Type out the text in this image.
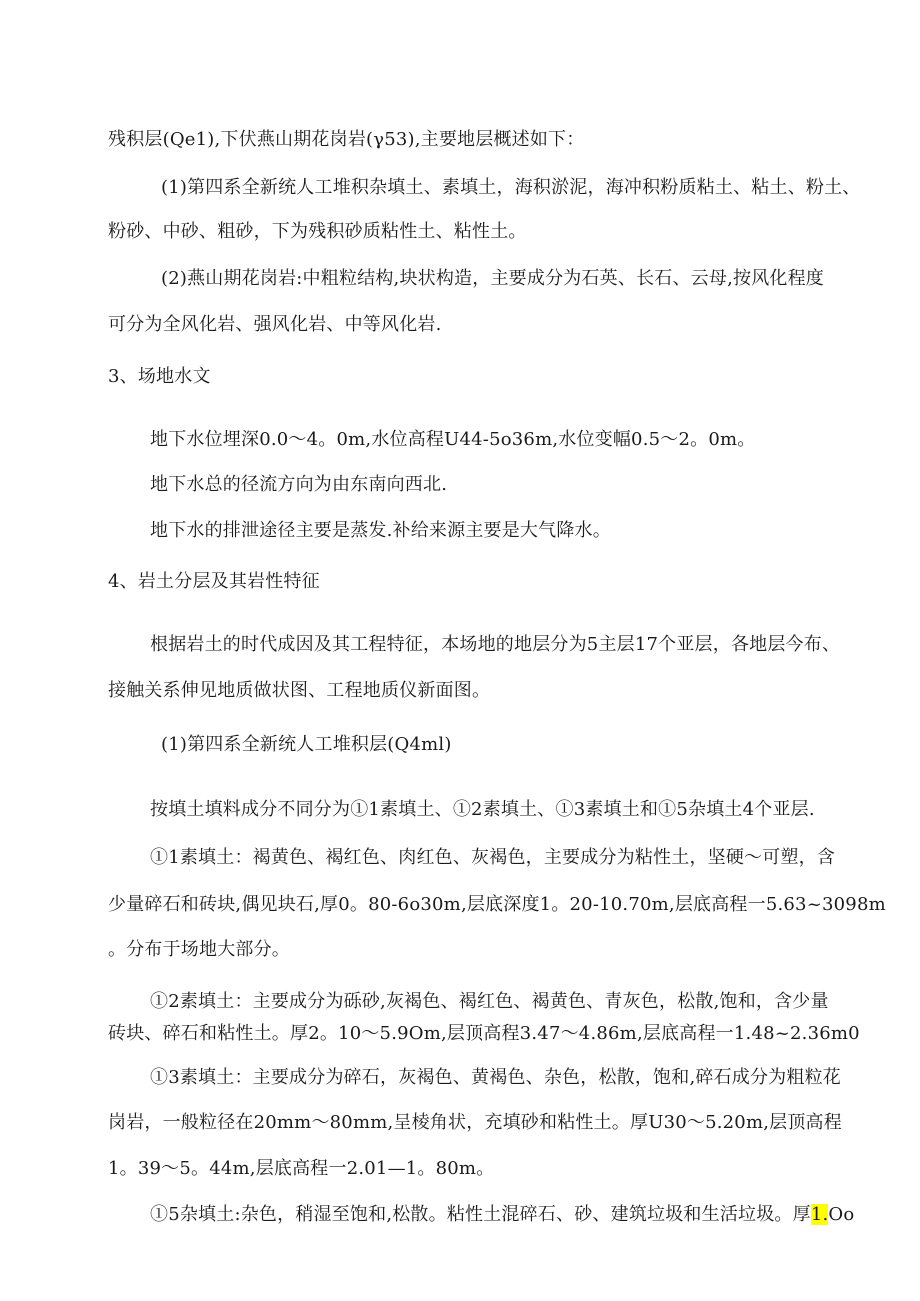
残积层(Qe1),下伏燕山期花岗岩(γ53),主要地层概述如下：
(1)第四系全新统人工堆积杂填土、素填土，海积淤泥，海冲积粉质粘土、粘土、粉土、
粉砂、中砂、粗砂，下为残积砂质粘性土、粘性土。
(2)燕山期花岗岩:中粗粒结构,块状构造，主要成分为石英、长石、云母,按风化程度
可分为全风化岩、强风化岩、中等风化岩.
3、场地水文
地下水位埋深0.0～4。0m,水位高程U44-5o36m,水位变幅0.5～2。0m。
地下水总的径流方向为由东南向西北.
地下水的排泄途径主要是蒸发.补给来源主要是大气降水。
4、岩土分层及其岩性特征
根据岩土的时代成因及其工程特征，本场地的地层分为5主层17个亚层，各地层今布、
接触关系伸见地质做状图、工程地质仪新面图。
(1)第四系全新统人工堆积层(Q4ml)
按填土填料成分不同分为①1素填土、①2素填土、①3素填土和①5杂填土4个亚层.
①1素填土：褐黄色、褐红色、肉红色、灰褐色，主要成分为粘性土，坚硬～可塑，含
少量碎石和砖块,偶见块石,厚0。80-6o30m,层底深度1。20-10.70m,层底高程一5.63~3098m
。分布于场地大部分。
①2素填土：主要成分为砾砂,灰褐色、褐红色、褐黄色、青灰色，松散,饱和，含少量
砖块、碎石和粘性土。厚2。10～5.9Om,层顶高程3.47～4.86m,层底高程一1.48~2.36m0
①3素填土：主要成分为碎石，灰褐色、黄褐色、杂色，松散，饱和,碎石成分为粗粒花
岗岩，一般粒径在20mm～80mm,呈棱角状，充填砂和粘性土。厚U30～5.20m,层顶高程
1。39～5。44m,层底高程一2.01—1。80m。
①5杂填土:杂色，稍湿至饱和,松散。粘性土混碎石、砂、建筑垃圾和生活垃圾。厚1.Oo
